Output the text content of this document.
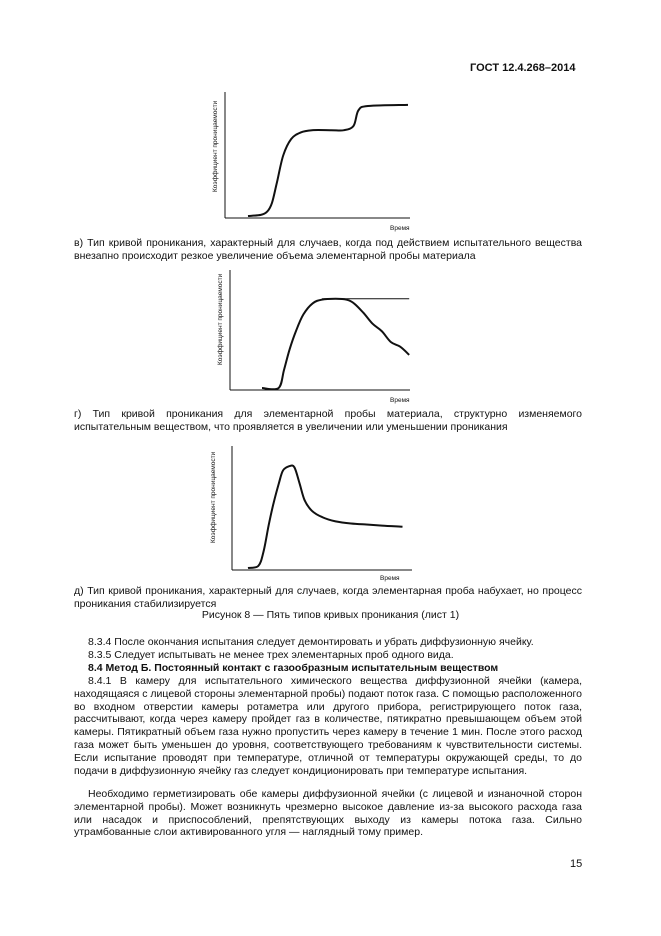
ГОСТ 12.4.268–2014
Коэффициент проницаемости
Время
Коэффициент проницаемости
Время
Коэффициент проницаемости
Время
в) Тип кривой проникания, характерный для случаев, когда под действием испытательного вещества внезапно происходит резкое увеличение объема элементарной пробы материала
г) Тип кривой проникания для элементарной пробы материала, структурно изменяемого испытательным веществом, что проявляется в увеличении или уменьшении проникания
д) Тип кривой проникания, характерный для случаев, когда элементарная проба набухает, но процесс проникания стабилизируется
Рисунок 8 — Пять типов кривых проникания (лист 1)
8.3.4 После окончания испытания следует демонтировать и убрать диффузионную ячейку.
8.3.5 Следует испытывать не менее трех элементарных проб одного вида.
8.4 Метод Б. Постоянный контакт с газообразным испытательным веществом
8.4.1 В камеру для испытательного химического вещества диффузионной ячейки (камера, находящаяся с лицевой стороны элементарной пробы) подают поток газа. С помощью расположенного во входном отверстии камеры ротаметра или другого прибора, регистрирующего поток газа, рассчитывают, когда через камеру пройдет газ в количестве, пятикратно превышающем объем этой камеры. Пятикратный объем газа нужно пропустить через камеру в течение 1 мин. После этого расход газа может быть уменьшен до уровня, соответствующего требованиям к чувствительности системы. Если испытание проводят при температуре, отличной от температуры окружающей среды, то до подачи в диффузионную ячейку газ следует кондиционировать при температуре испытания.
Необходимо герметизировать обе камеры диффузионной ячейки (с лицевой и изнаночной сторон элементарной пробы). Может возникнуть чрезмерно высокое давление из-за высокого расхода газа или насадок и приспособлений, препятствующих выходу из камеры потока газа. Сильно утрамбованные слои активированного угля — наглядный тому пример.
15
